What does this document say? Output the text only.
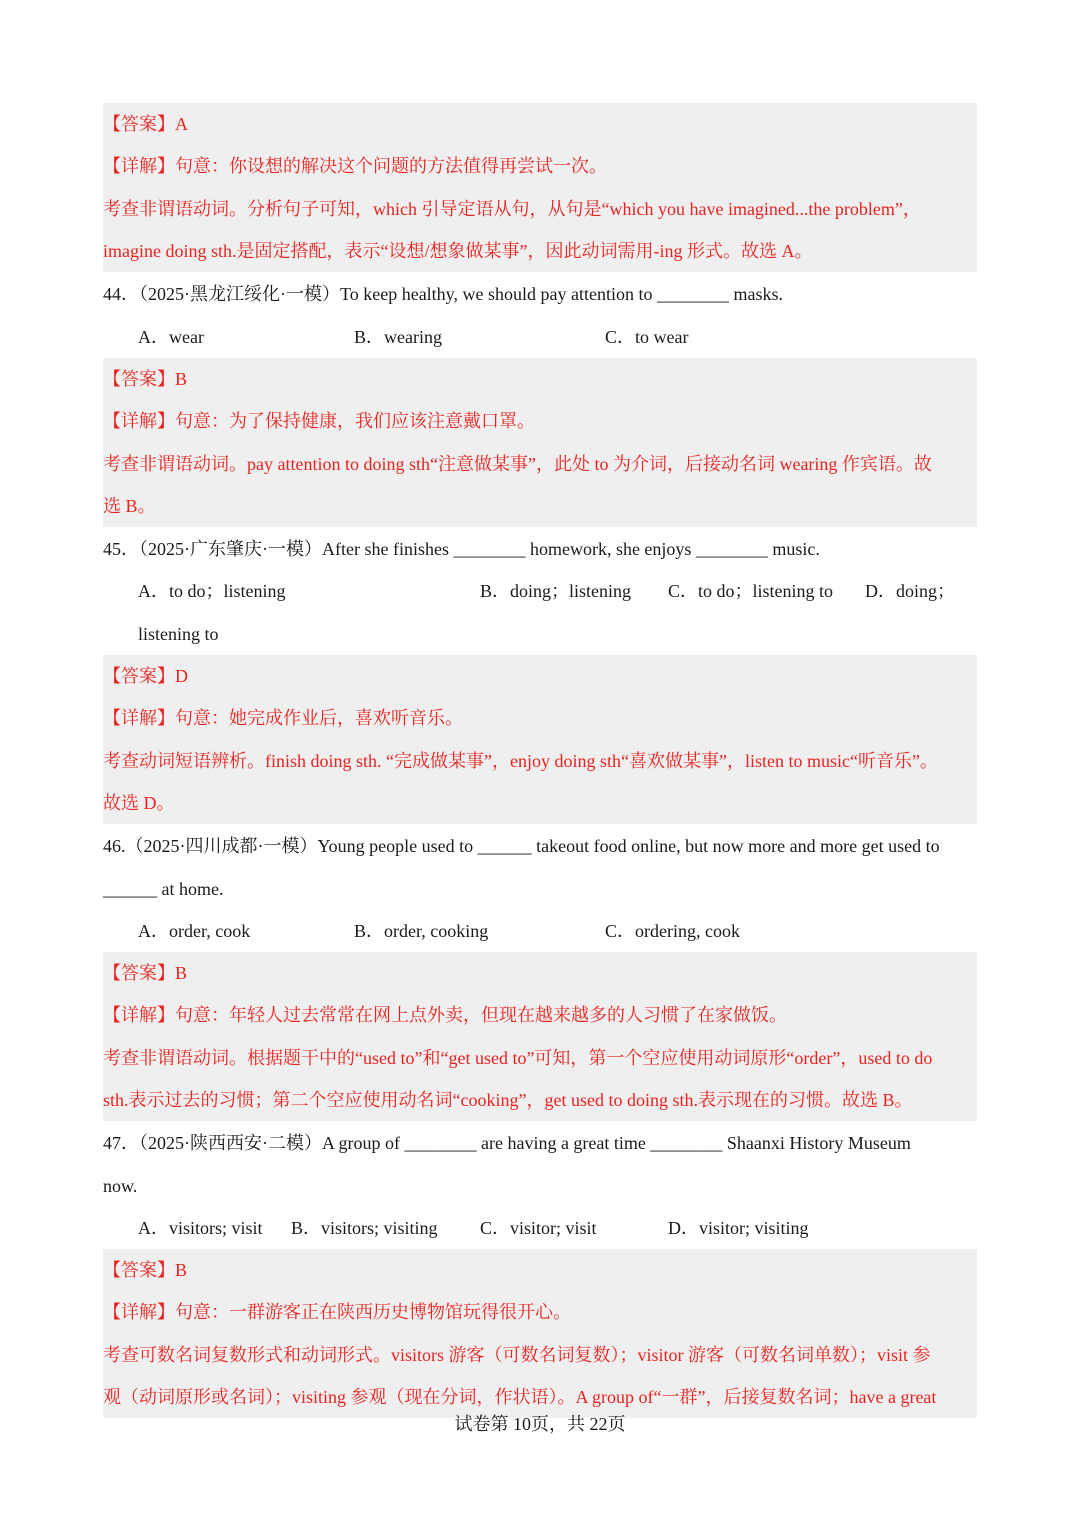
【答案】A
【详解】句意：你设想的解决这个问题的方法值得再尝试一次。
考查非谓语动词。分析句子可知，which 引导定语从句，从句是“which you have imagined...the problem”，
imagine doing sth.是固定搭配，表示“设想/想象做某事”，因此动词需用-ing 形式。故选 A。
44．（2025·黑龙江绥化·一模）To keep healthy, we should pay attention to ________ masks.
A．wear	B．wearing	C．to wear
【答案】B
【详解】句意：为了保持健康，我们应该注意戴口罩。
考查非谓语动词。pay attention to doing sth“注意做某事”，此处 to 为介词，后接动名词 wearing 作宾语。故
选 B。
45．（2025·广东肇庆·一模）After she finishes ________ homework, she enjoys ________ music.
A．to do；listening	B．doing；listening C．to do；listening to D．doing；
listening to
【答案】D
【详解】句意：她完成作业后，喜欢听音乐。
考查动词短语辨析。finish doing sth. “完成做某事”，enjoy doing sth“喜欢做某事”，listen to music“听音乐”。
故选 D。
46.（2025·四川成都·一模）Young people used to ______ takeout food online, but now more and more get used to
______ at home.
A．order, cook	B．order, cooking	C．ordering, cook
【答案】B
【详解】句意：年轻人过去常常在网上点外卖，但现在越来越多的人习惯了在家做饭。
考查非谓语动词。根据题干中的“used to”和“get used to”可知，第一个空应使用动词原形“order”，used to do
sth.表示过去的习惯；第二个空应使用动名词“cooking”，get used to doing sth.表示现在的习惯。故选 B。
47．（2025·陕西西安·二模）A group of ________ are having a great time ________ Shaanxi History Museum
now.
A．visitors; visit B．visitors; visiting C．visitor; visit	D．visitor; visiting
【答案】B
【详解】句意：一群游客正在陕西历史博物馆玩得很开心。
考查可数名词复数形式和动词形式。visitors 游客（可数名词复数）；visitor 游客（可数名词单数）；visit 参
观（动词原形或名词）；visiting 参观（现在分词，作状语）。A group of“一群”，后接复数名词；have a great
试卷第 10页，共 22页
